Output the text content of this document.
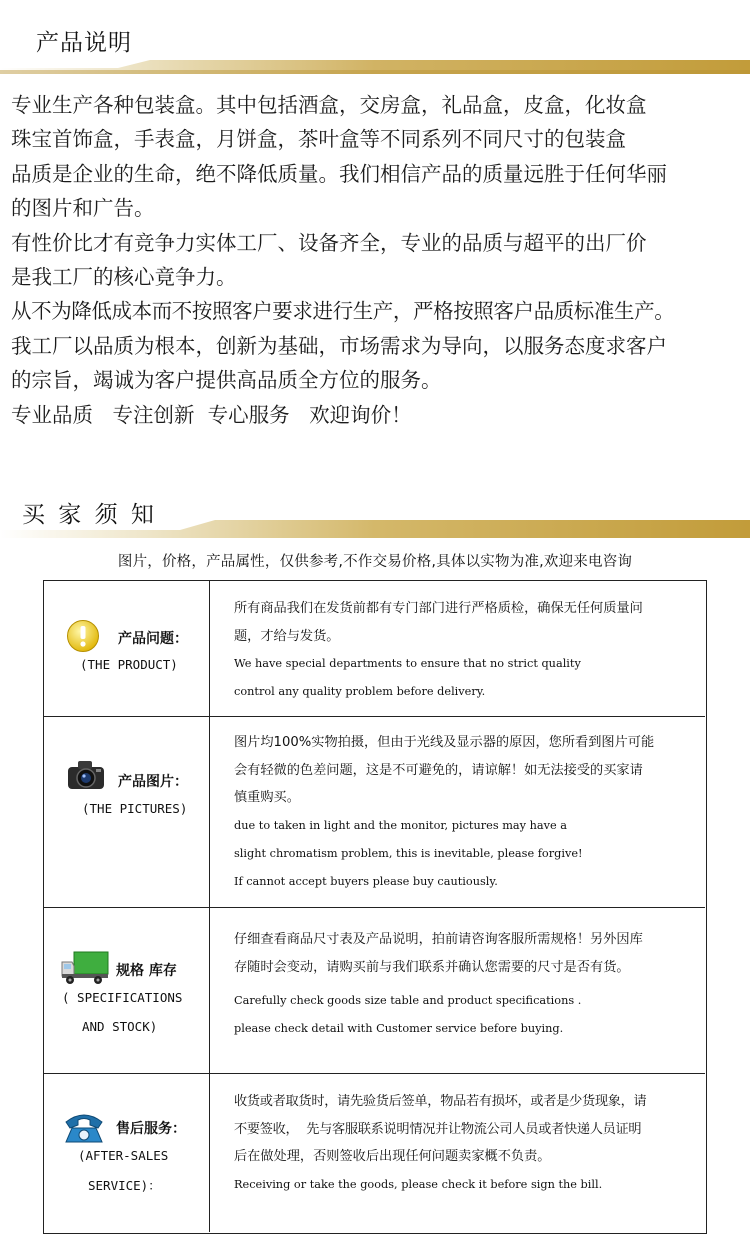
产品说明
专业生产各种包装盒。其中包括酒盒，交房盒，礼品盒，皮盒，化妆盒
珠宝首饰盒，手表盒，月饼盒，茶叶盒等不同系列不同尺寸的包装盒
品质是企业的生命，绝不降低质量。我们相信产品的质量远胜于任何华丽
的图片和广告。
有性价比才有竞争力实体工厂、设备齐全，专业的品质与超平的出厂价
是我工厂的核心竟争力。
从不为降低成本而不按照客户要求进行生产，严格按照客户品质标准生产。
我工厂以品质为根本，创新为基础，市场需求为导向，以服务态度求客户
的宗旨，竭诚为客户提供高品质全方位的服务。
专业品质   专注创新  专心服务   欢迎询价！
买 家 须 知
图片，价格，产品属性，仅供参考,不作交易价格,具体以实物为准,欢迎来电咨询
产品问题：
(THE PRODUCT)
所有商品我们在发货前都有专门部门进行严格质检，确保无任何质量问
题，才给与发货。
We have special departments to ensure that no strict quality
control any quality problem before delivery.
产品图片：
(THE PICTURES)
图片均100%实物拍摄，但由于光线及显示器的原因，您所看到图片可能
会有轻微的色差问题，这是不可避免的，请谅解！如无法接受的买家请
慎重购买。
due to taken in light and the monitor, pictures may have a
slight chromatism problem, this is inevitable, please forgive!
If cannot accept buyers please buy cautiously.
规格 库存
( SPECIFICATIONS
AND STOCK)
仔细查看商品尺寸表及产品说明，拍前请咨询客服所需规格！另外因库
存随时会变动，请购买前与我们联系并确认您需要的尺寸是否有货。
Carefully check goods size table and product specifications .
please check detail with Customer service before buying.
售后服务：
(AFTER-SALES
SERVICE)：
收货或者取货时，请先验货后签单，物品若有损坏，或者是少货现象，请
不要签收，  先与客服联系说明情况并让物流公司人员或者快递人员证明
后在做处理，否则签收后出现任何问题卖家概不负责。
Receiving or take the goods, please check it before sign the bill.
